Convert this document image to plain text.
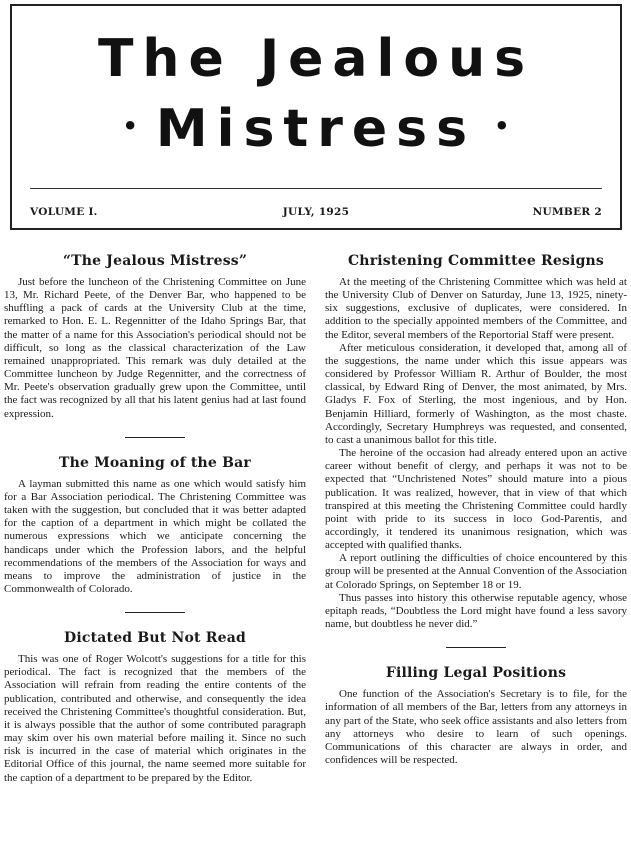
The Jealous
• Mistress •
VOLUME I.	JULY, 1925	NUMBER 2
“The Jealous Mistress”

Just before the luncheon of the Christening Committee on June 13, Mr. Richard Peete, of the Denver Bar, who happened to be shuffling a pack of cards at the University Club at the time, remarked to Hon. E. L. Regennitter of the Idaho Springs Bar, that the matter of a name for this Association's periodical should not be difficult, so long as the classical characterization of the Law remained unappropriated. This remark was duly detailed at the Committee luncheon by Judge Regennitter, and the correctness of Mr. Peete's observation gradually grew upon the Committee, until the fact was recognized by all that his latent genius had at last found expression.

The Moaning of the Bar

A layman submitted this name as one which would satisfy him for a Bar Association periodical. The Christening Committee was taken with the suggestion, but concluded that it was better adapted for the caption of a department in which might be collated the numerous expressions which we anticipate concerning the handicaps under which the Profession labors, and the helpful recommendations of the members of the Association for ways and means to improve the administration of justice in the Commonwealth of Colorado.

Dictated But Not Read

This was one of Roger Wolcott's suggestions for a title for this periodical. The fact is recognized that the members of the Association will refrain from reading the entire contents of the publication, contributed and otherwise, and consequently the idea received the Christening Committee's thoughtful consideration. But, it is always possible that the author of some contributed paragraph may skim over his own material before mailing it. Since no such risk is incurred in the case of material which originates in the Editorial Office of this journal, the name seemed more suitable for the caption of a department to be prepared by the Editor.

Christening Committee Resigns

At the meeting of the Christening Committee which was held at the University Club of Denver on Saturday, June 13, 1925, ninety-six suggestions, exclusive of duplicates, were considered. In addition to the specially appointed members of the Committee, and the Editor, several members of the Reportorial Staff were present.

After meticulous consideration, it developed that, among all of the suggestions, the name under which this issue appears was considered by Professor William R. Arthur of Boulder, the most classical, by Edward Ring of Denver, the most animated, by Mrs. Gladys F. Fox of Sterling, the most ingenious, and by Hon. Benjamin Hilliard, formerly of Washington, as the most chaste. Accordingly, Secretary Humphreys was requested, and consented, to cast a unanimous ballot for this title.

The heroine of the occasion had already entered upon an active career without benefit of clergy, and perhaps it was not to be expected that “Unchristened Notes” should mature into a pious publication. It was realized, however, that in view of that which transpired at this meeting the Christening Committee could hardly point with pride to its success in loco God-Parentis, and accordingly, it tendered its unanimous resignation, which was accepted with qualified thanks.

A report outlining the difficulties of choice encountered by this group will be presented at the Annual Convention of the Association at Colorado Springs, on September 18 or 19.

Thus passes into history this otherwise reputable agency, whose epitaph reads, “Doubtless the Lord might have found a less savory name, but doubtless he never did.”

Filling Legal Positions

One function of the Association's Secretary is to file, for the information of all members of the Bar, letters from any attorneys in any part of the State, who seek office assistants and also letters from any attorneys who desire to learn of such openings. Communications of this character are always in order, and confidences will be respected.
